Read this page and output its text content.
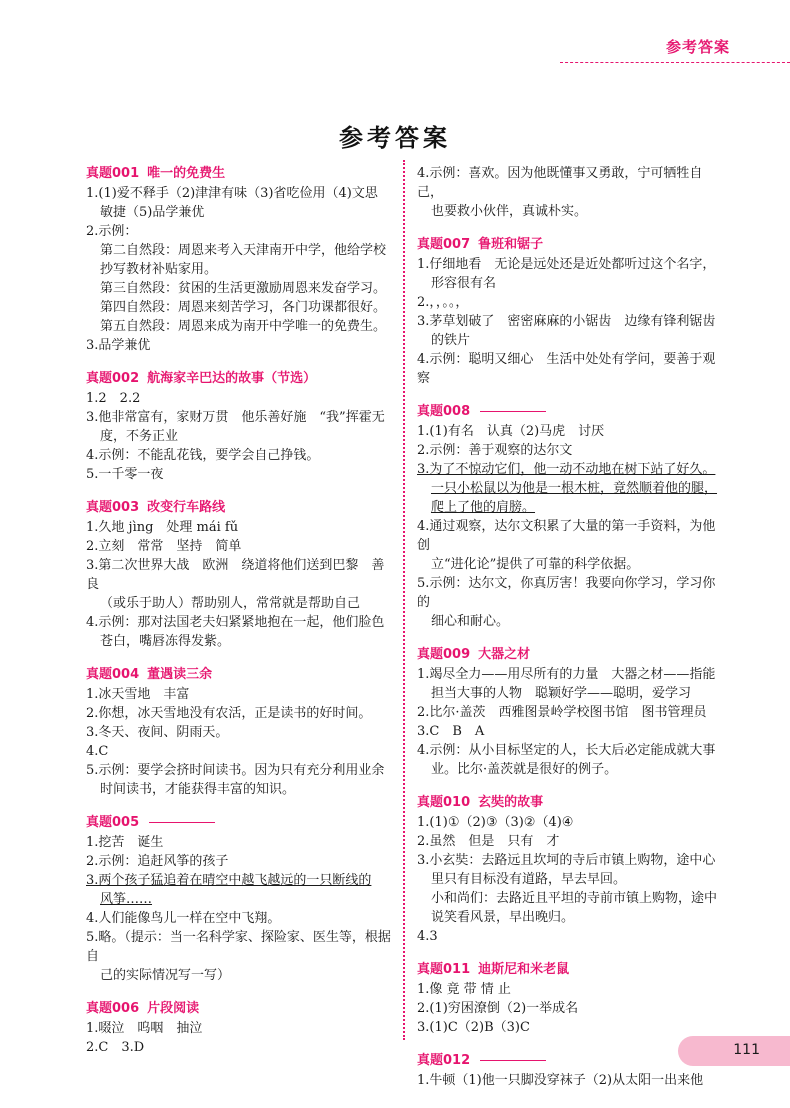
参考答案
参考答案
真题001 唯一的免费生
1.(1)爱不释手（2)津津有味（3)省吃俭用（4)文思
敏捷（5)品学兼优
2.示例：
第二自然段：周恩来考入天津南开中学，他给学校
抄写教材补贴家用。
第三自然段：贫困的生活更激励周恩来发奋学习。
第四自然段：周恩来刻苦学习，各门功课都很好。
第五自然段：周恩来成为南开中学唯一的免费生。
3.品学兼优
真题002 航海家辛巴达的故事（节选）
1.2　2.2
3.他非常富有，家财万贯　他乐善好施　“我”挥霍无
度，不务正业
4.示例：不能乱花钱，要学会自己挣钱。
5.一千零一夜
真题003 改变行车路线
1.久地 jìng　处理 mái fǔ
2.立刻　常常　坚持　简单
3.第二次世界大战　欧洲　绕道将他们送到巴黎　善良
（或乐于助人）帮助别人，常常就是帮助自己
4.示例：那对法国老夫妇紧紧地抱在一起，他们脸色
苍白，嘴唇冻得发紫。
真题004 董遇读三余
1.冰天雪地　丰富
2.你想，冰天雪地没有农活，正是读书的好时间。
3.冬天、夜间、阴雨天。
4.C
5.示例：要学会挤时间读书。因为只有充分利用业余
时间读书，才能获得丰富的知识。
真题005
1.挖苦　诞生
2.示例：追赶风筝的孩子
3.两个孩子猛追着在晴空中越飞越远的一只断线的
风筝……
4.人们能像鸟儿一样在空中飞翔。
5.略。（提示：当一名科学家、探险家、医生等，根据自
己的实际情况写一写）
真题006 片段阅读
1.啜泣　呜咽　抽泣
2.C　3.D
4.示例：喜欢。因为他既懂事又勇敢，宁可牺牲自己，
也要救小伙伴，真诚朴实。
真题007 鲁班和锯子
1.仔细地看　无论是远处还是近处都听过这个名字，
形容很有名
2.，，。。，
3.茅草划破了　密密麻麻的小锯齿　边缘有锋利锯齿
的铁片
4.示例：聪明又细心　生活中处处有学问，要善于观察
真题008
1.(1)有名　认真（2)马虎　讨厌
2.示例：善于观察的达尔文
3.为了不惊动它们，他一动不动地在树下站了好久。
一只小松鼠以为他是一根木桩，竟然顺着他的腿，
爬上了他的肩膀。
4.通过观察，达尔文积累了大量的第一手资料，为他创
立“进化论”提供了可靠的科学依据。
5.示例：达尔文，你真厉害！我要向你学习，学习你的
细心和耐心。
真题009 大器之材
1.竭尽全力——用尽所有的力量　大器之材——指能
担当大事的人物　聪颖好学——聪明，爱学习
2.比尔·盖茨　西雅图景岭学校图书馆　图书管理员
3.C　B　A
4.示例：从小目标坚定的人，长大后必定能成就大事
业。比尔·盖茨就是很好的例子。
真题010 玄奘的故事
1.(1)①（2)③（3)②（4)④
2.虽然　但是　只有　才
3.小玄奘：去路远且坎坷的寺后市镇上购物，途中心
里只有目标没有道路，早去早回。
小和尚们：去路近且平坦的寺前市镇上购物，途中
说笑看风景，早出晚归。
4.3
真题011 迪斯尼和米老鼠
1.像 竟 带 情 止
2.(1)穷困潦倒（2)一举成名
3.(1)C（2)B（3)C
真题012
1.牛顿（1)他一只脚没穿袜子（2)从太阳一出来他
111
